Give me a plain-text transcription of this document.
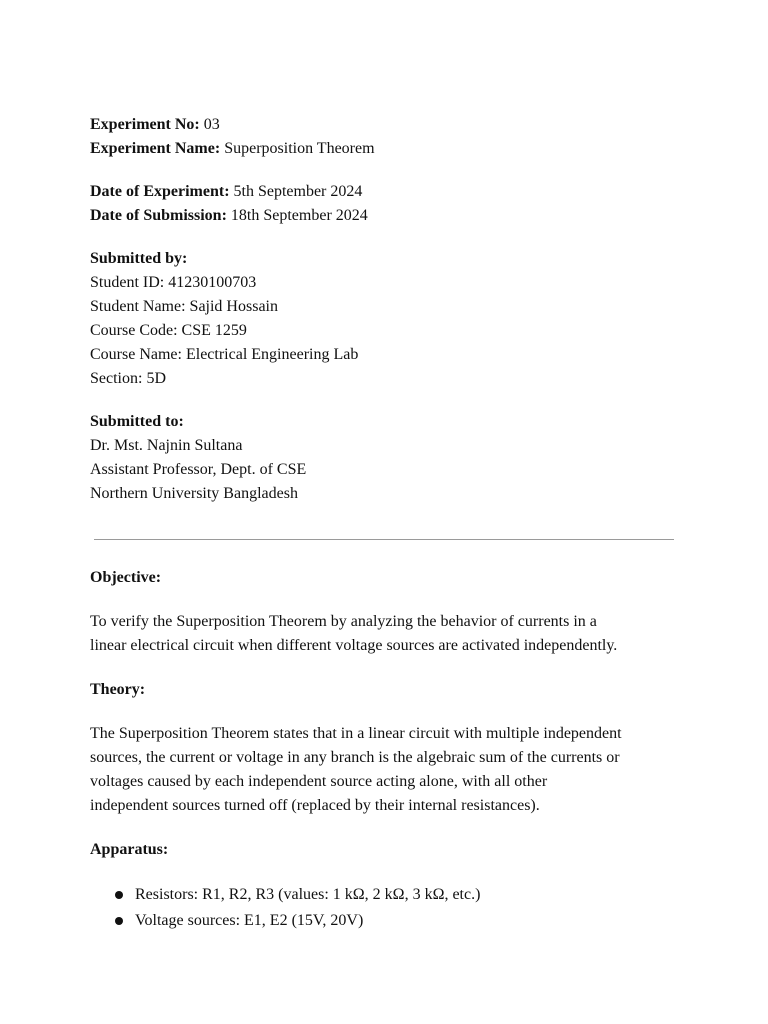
Experiment No: 03
Experiment Name: Superposition Theorem
Date of Experiment: 5th September 2024
Date of Submission: 18th September 2024
Submitted by:
Student ID: 41230100703
Student Name: Sajid Hossain
Course Code: CSE 1259
Course Name: Electrical Engineering Lab
Section: 5D
Submitted to:
Dr. Mst. Najnin Sultana
Assistant Professor, Dept. of CSE
Northern University Bangladesh
Objective:
To verify the Superposition Theorem by analyzing the behavior of currents in a
linear electrical circuit when different voltage sources are activated independently.
Theory:
The Superposition Theorem states that in a linear circuit with multiple independent
sources, the current or voltage in any branch is the algebraic sum of the currents or
voltages caused by each independent source acting alone, with all other
independent sources turned off (replaced by their internal resistances).
Apparatus:
Resistors: R1, R2, R3 (values: 1 kΩ, 2 kΩ, 3 kΩ, etc.)
Voltage sources: E1, E2 (15V, 20V)
